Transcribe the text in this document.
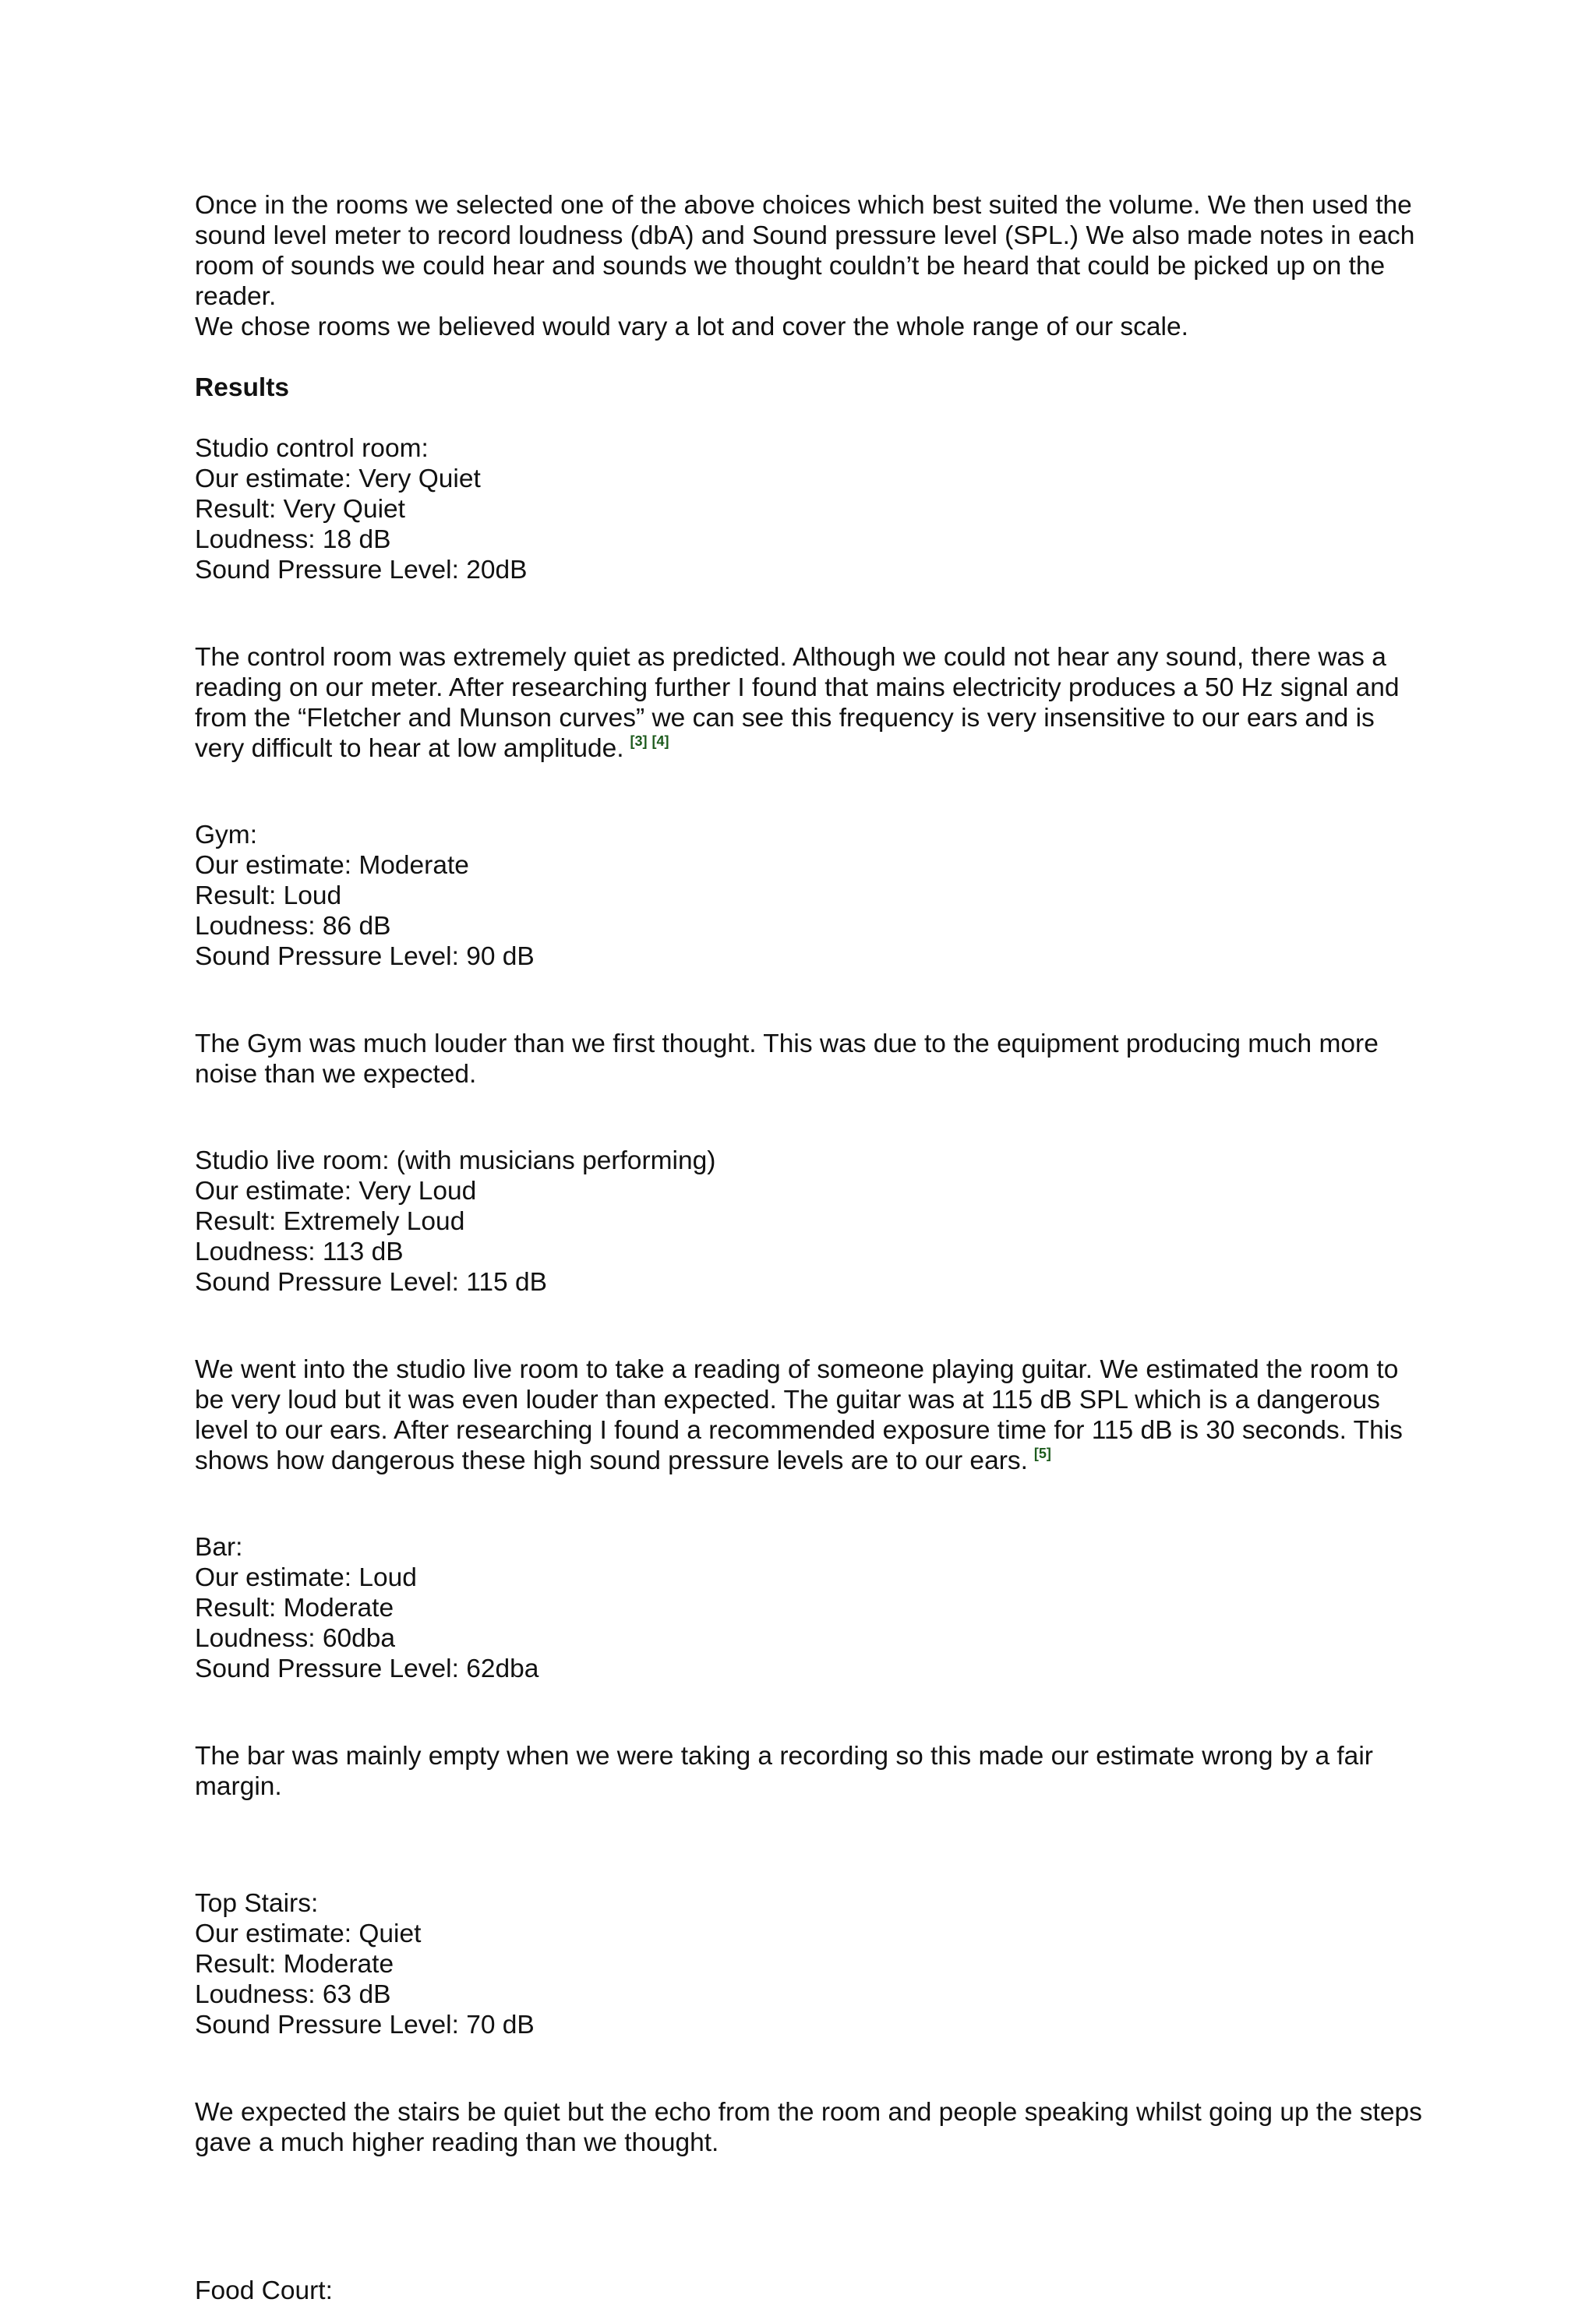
Once in the rooms we selected one of the above choices which best suited the volume. We then used the sound level meter to record loudness (dbA) and Sound pressure level (SPL.) We also made notes in each room of sounds we could hear and sounds we thought couldn’t be heard that could be picked up on the reader.

We chose rooms we believed would vary a lot and cover the whole range of our scale.

Results

Studio control room:

Our estimate: Very Quiet

Result: Very Quiet

Loudness: 18 dB

Sound Pressure Level: 20dB

The control room was extremely quiet as predicted. Although we could not hear any sound, there was a reading on our meter. After researching further I found that mains electricity produces a 50 Hz signal and from the “Fletcher and Munson curves” we can see this frequency is very insensitive to our ears and is very difficult to hear at low amplitude. [3] [4]

Gym:

Our estimate: Moderate

Result: Loud

Loudness: 86 dB

Sound Pressure Level: 90 dB

The Gym was much louder than we first thought. This was due to the equipment producing much more noise than we expected.

Studio live room: (with musicians performing)

Our estimate: Very Loud

Result: Extremely Loud

Loudness: 113 dB

Sound Pressure Level: 115 dB

We went into the studio live room to take a reading of someone playing guitar. We estimated the room to be very loud but it was even louder than expected. The guitar was at 115 dB SPL which is a dangerous level to our ears. After researching I found a recommended exposure time for 115 dB is 30 seconds. This shows how dangerous these high sound pressure levels are to our ears. [5]

Bar:

Our estimate: Loud

Result: Moderate

Loudness: 60dba

Sound Pressure Level: 62dba

The bar was mainly empty when we were taking a recording so this made our estimate wrong by a fair margin.

Top Stairs:

Our estimate: Quiet

Result: Moderate

Loudness: 63 dB

Sound Pressure Level: 70 dB

We expected the stairs be quiet but the echo from the room and people speaking whilst going up the steps gave a much higher reading than we thought.

Food Court:
